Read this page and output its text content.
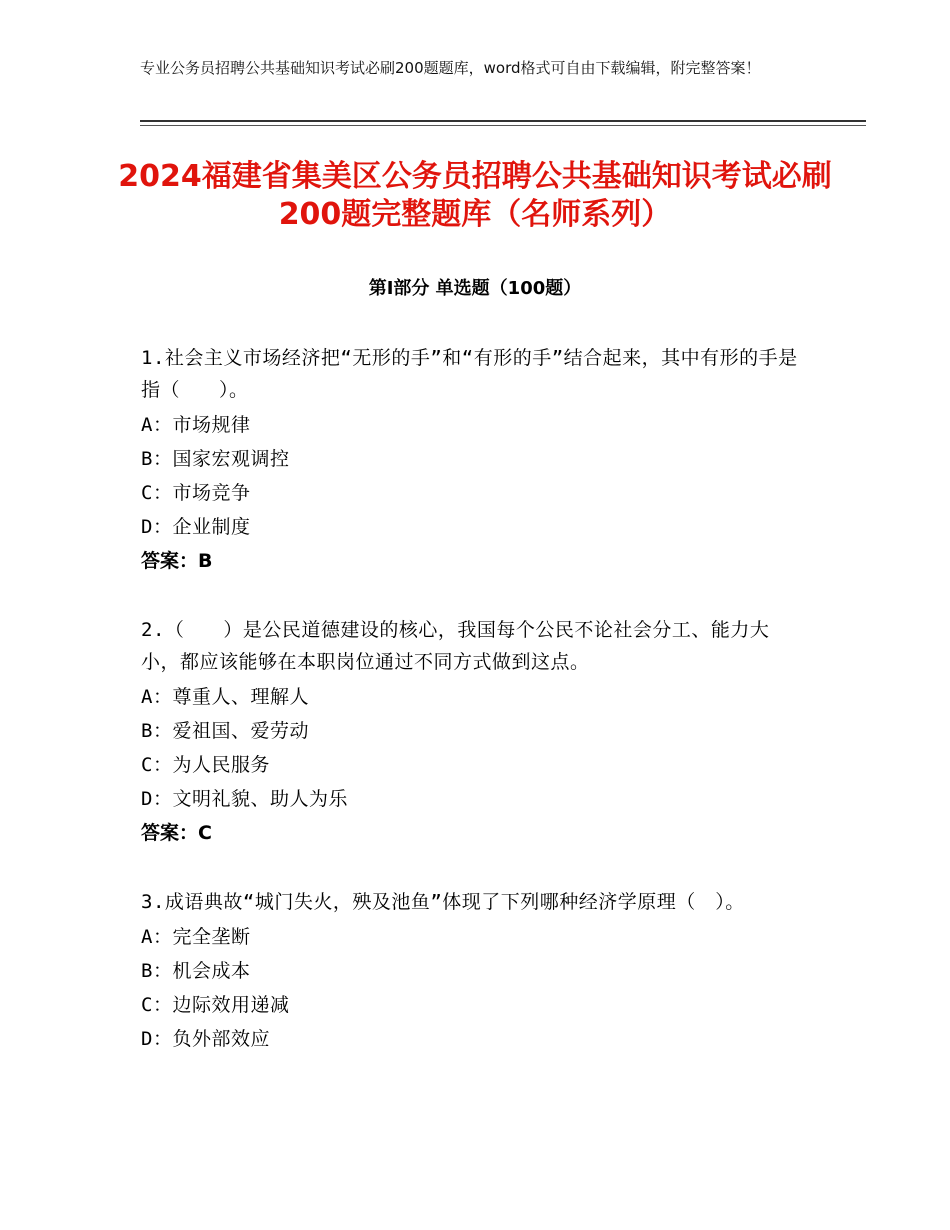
专业公务员招聘公共基础知识考试必刷200题题库，word格式可自由下载编辑，附完整答案！
2024福建省集美区公务员招聘公共基础知识考试必刷200题完整题库（名师系列）
第Ⅰ部分 单选题（100题）
1.社会主义市场经济把“无形的手”和“有形的手”结合起来，其中有形的手是指（　　）。
A：市场规律
B：国家宏观调控
C：市场竞争
D：企业制度
答案：B
2.（　　）是公民道德建设的核心，我国每个公民不论社会分工、能力大小，都应该能够在本职岗位通过不同方式做到这点。
A：尊重人、理解人
B：爱祖国、爱劳动
C：为人民服务
D：文明礼貌、助人为乐
答案：C
3.成语典故“城门失火，殃及池鱼”体现了下列哪种经济学原理（　）。
A：完全垄断
B：机会成本
C：边际效用递减
D：负外部效应
